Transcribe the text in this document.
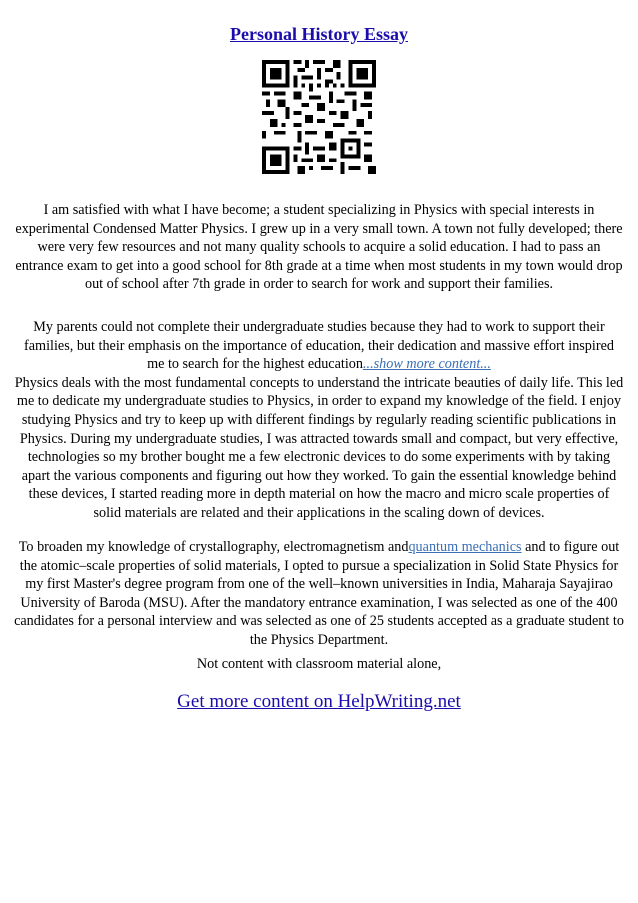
Personal History Essay

I am satisfied with what I have become; a student specializing in Physics with special interests in experimental Condensed Matter Physics. I grew up in a very small town. A town not fully developed; there were very few resources and not many quality schools to acquire a solid education. I had to pass an entrance exam to get into a good school for 8th grade at a time when most students in my town would drop out of school after 7th grade in order to search for work and support their families.

My parents could not complete their undergraduate studies because they had to work to support their families, but their emphasis on the importance of education, their dedication and massive effort inspired me to search for the highest education...show more content...
Physics deals with the most fundamental concepts to understand the intricate beauties of daily life. This led me to dedicate my undergraduate studies to Physics, in order to expand my knowledge of the field. I enjoy studying Physics and try to keep up with different findings by regularly reading scientific publications in Physics. During my undergraduate studies, I was attracted towards small and compact, but very effective, technologies so my brother bought me a few electronic devices to do some experiments with by taking apart the various components and figuring out how they worked. To gain the essential knowledge behind these devices, I started reading more in depth material on how the macro and micro scale properties of solid materials are related and their applications in the scaling down of devices.

To broaden my knowledge of crystallography, electromagnetism andquantum mechanics and to figure out the atomic–scale properties of solid materials, I opted to pursue a specialization in Solid State Physics for my first Master's degree program from one of the well–known universities in India, Maharaja Sayajirao University of Baroda (MSU). After the mandatory entrance examination, I was selected as one of the 400 candidates for a personal interview and was selected as one of 25 students accepted as a graduate student to the Physics Department.

Not content with classroom material alone,

Get more content on HelpWriting.net
